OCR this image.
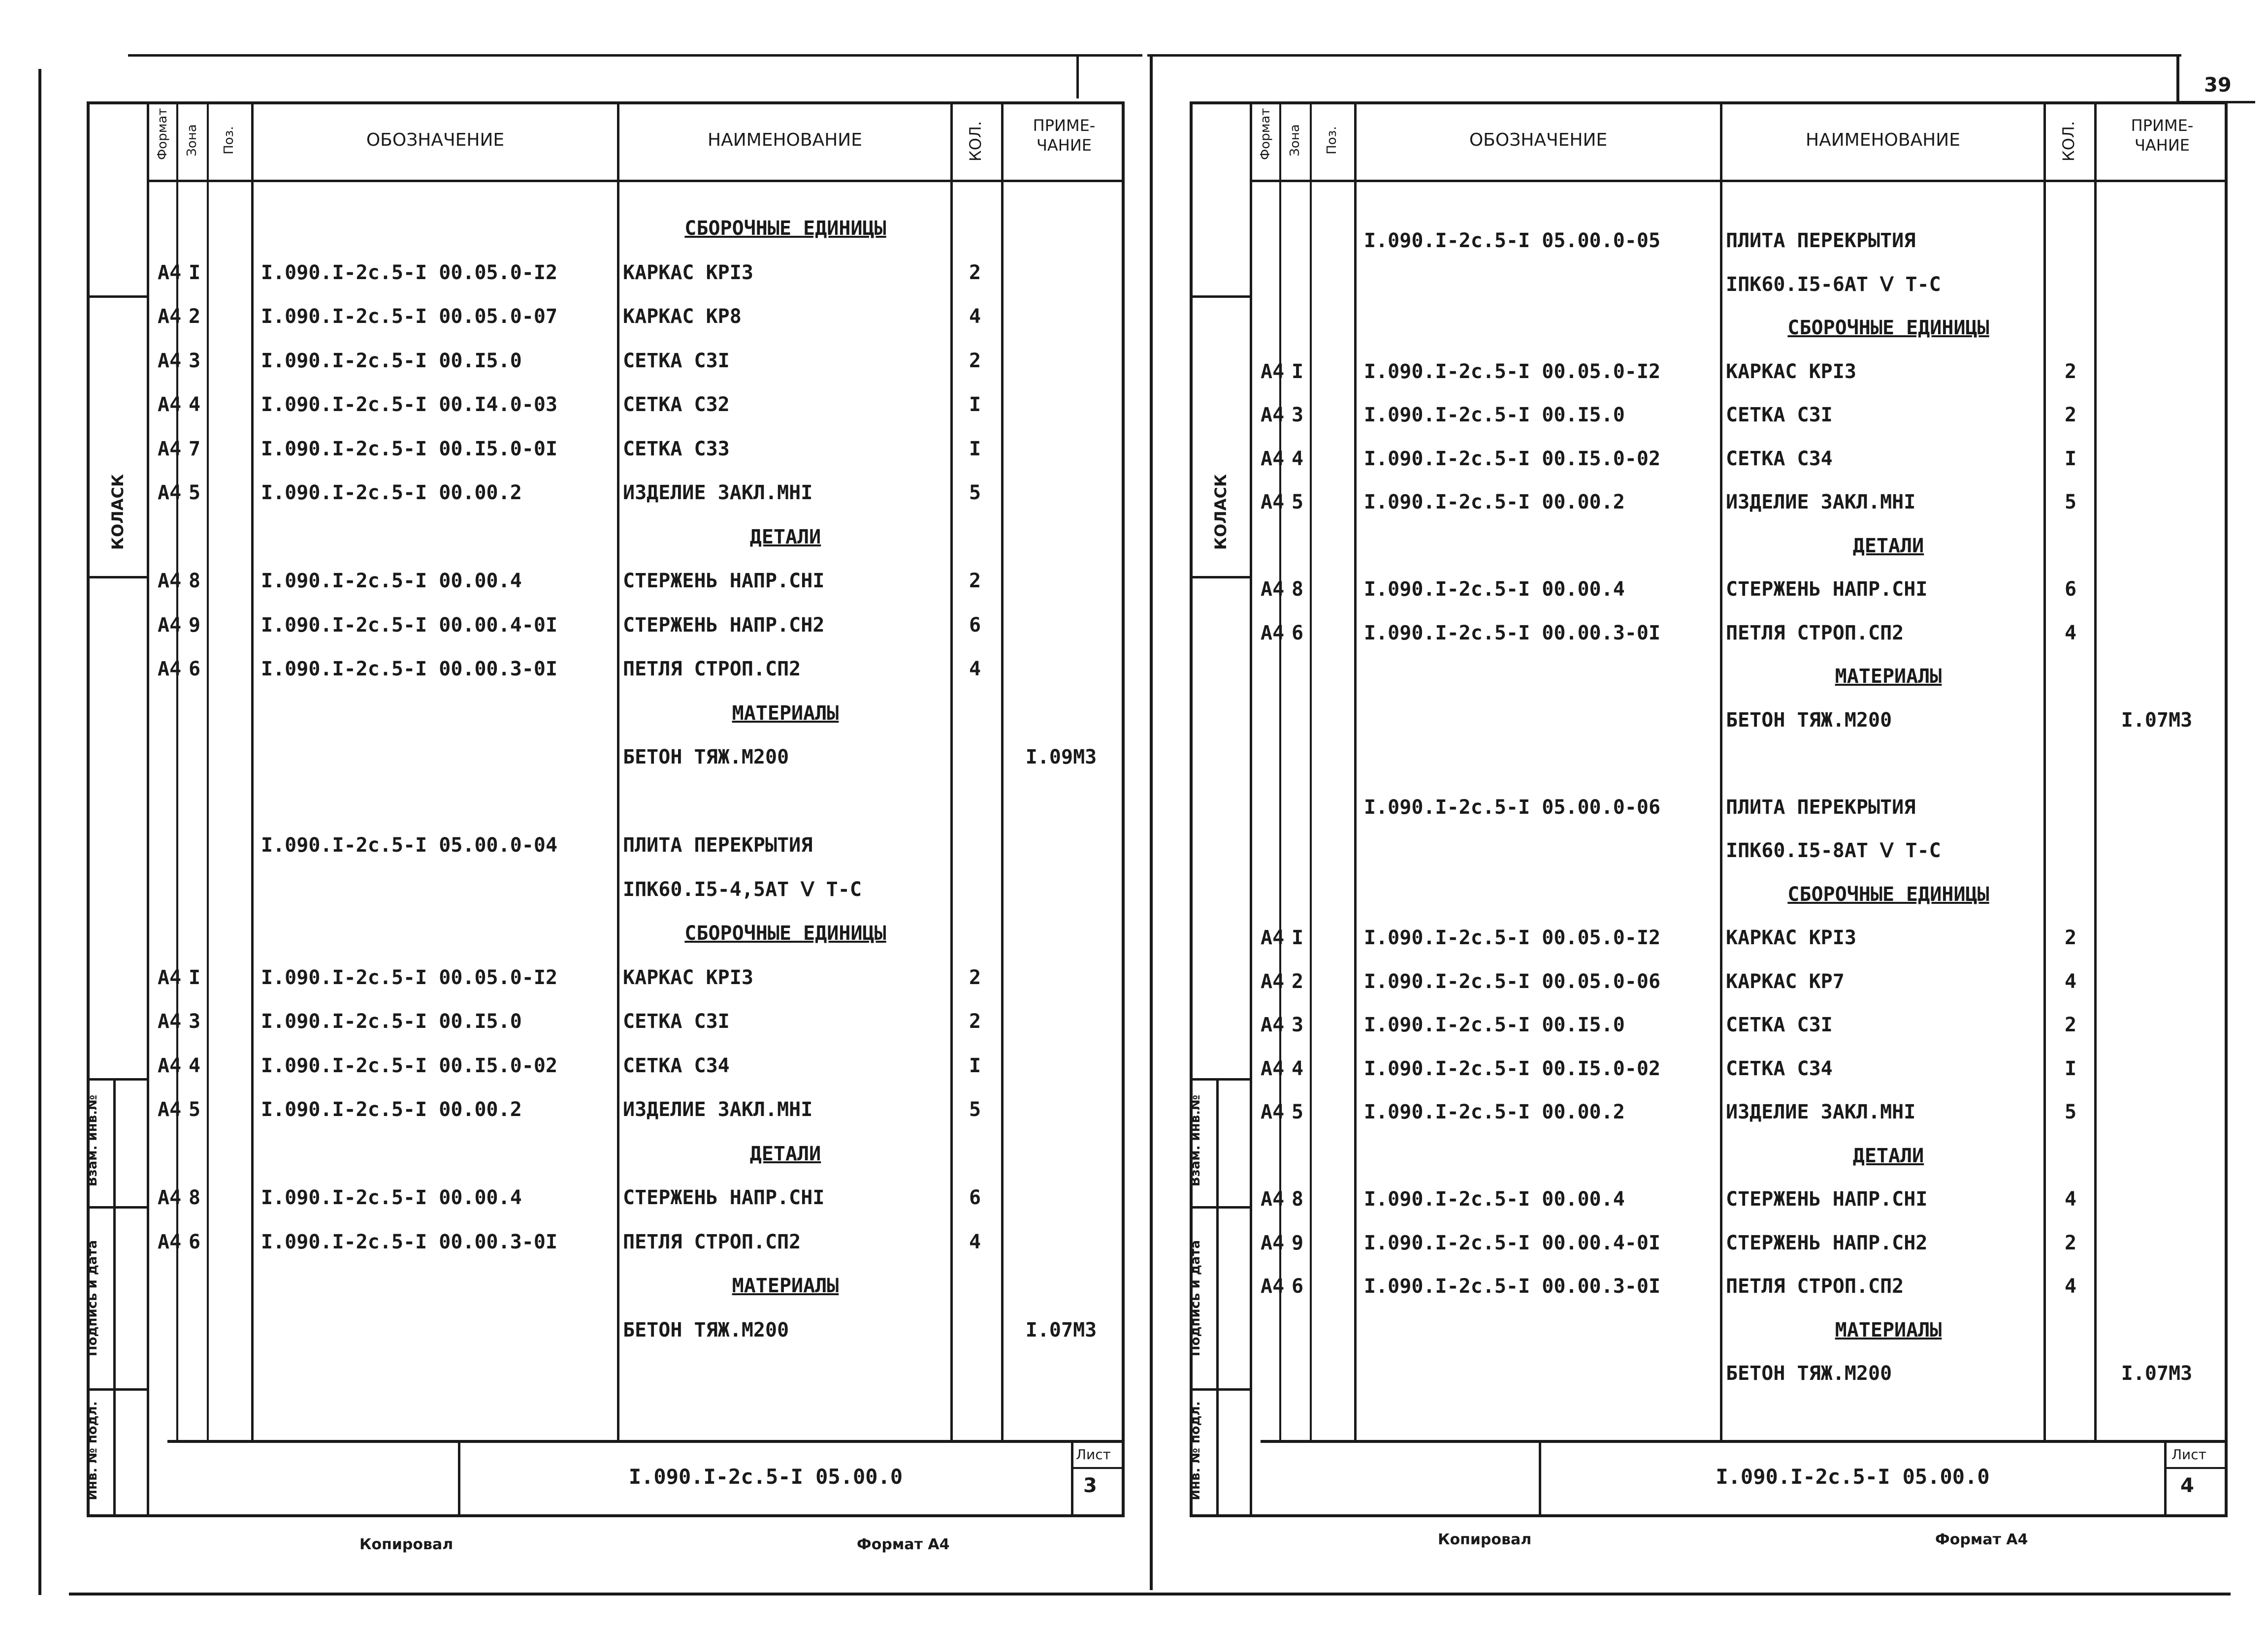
39
КОЛАСК
Взам. инв.№
Подпись и дата
Инв. № подл.
Формат Зона Поз.	ОБОЗНАЧЕНИЕ	НАИМЕНОВАНИЕ	КОЛ.	ПРИМЕ-
ЧАНИЕ
СБОРОЧНЫЕ ЕДИНИЦЫ
А4 I	I.090.I-2c.5-I 00.05.0-I2	КАРКАС КРI3	2
А4 2	I.090.I-2c.5-I 00.05.0-07	КАРКАС КР8	4
А4 3	I.090.I-2c.5-I 00.I5.0	СЕТКА С3I	2
А4 4	I.090.I-2c.5-I 00.I4.0-03	СЕТКА С32	I
А4 7	I.090.I-2c.5-I 00.I5.0-0I	СЕТКА С33	I
А4 5	I.090.I-2c.5-I 00.00.2	ИЗДЕЛИЕ ЗАКЛ.МНI	5
ДЕТАЛИ
А4 8	I.090.I-2c.5-I 00.00.4	СТЕРЖЕНЬ НАПР.СНI	2
А4 9	I.090.I-2c.5-I 00.00.4-0I	СТЕРЖЕНЬ НАПР.СН2	6
А4 6	I.090.I-2c.5-I 00.00.3-0I	ПЕТЛЯ СТРОП.СП2	4
МАТЕРИАЛЫ
БЕТОН ТЯЖ.М200	I.09М3
I.090.I-2c.5-I 05.00.0-04	ПЛИТА ПЕРЕКРЫТИЯ
IПК60.I5-4,5АТ Ⅴ Т-С
СБОРОЧНЫЕ ЕДИНИЦЫ
А4 I	I.090.I-2c.5-I 00.05.0-I2	КАРКАС КРI3	2
А4 3	I.090.I-2c.5-I 00.I5.0	СЕТКА С3I	2
А4 4	I.090.I-2c.5-I 00.I5.0-02	СЕТКА С34	I
А4 5	I.090.I-2c.5-I 00.00.2	ИЗДЕЛИЕ ЗАКЛ.МНI	5
ДЕТАЛИ
А4 8	I.090.I-2c.5-I 00.00.4	СТЕРЖЕНЬ НАПР.СНI	6
А4 6	I.090.I-2c.5-I 00.00.3-0I	ПЕТЛЯ СТРОП.СП2	4
МАТЕРИАЛЫ
БЕТОН ТЯЖ.М200	I.07М3
I.090.I-2c.5-I 05.00.0
Лист
3
Копировал	Формат А4
КОЛАСК
Взам. инв.№
Подпись и дата
Инв. № подл.
Формат Зона Поз.	ОБОЗНАЧЕНИЕ	НАИМЕНОВАНИЕ	КОЛ.	ПРИМЕ-
ЧАНИЕ
I.090.I-2c.5-I 05.00.0-05	ПЛИТА ПЕРЕКРЫТИЯ
IПК60.I5-6АТ Ⅴ Т-С
СБОРОЧНЫЕ ЕДИНИЦЫ
А4 I	I.090.I-2c.5-I 00.05.0-I2	КАРКАС КРI3	2
А4 3	I.090.I-2c.5-I 00.I5.0	СЕТКА С3I	2
А4 4	I.090.I-2c.5-I 00.I5.0-02	СЕТКА С34	I
А4 5	I.090.I-2c.5-I 00.00.2	ИЗДЕЛИЕ ЗАКЛ.МНI	5
ДЕТАЛИ
А4 8	I.090.I-2c.5-I 00.00.4	СТЕРЖЕНЬ НАПР.СНI	6
А4 6	I.090.I-2c.5-I 00.00.3-0I	ПЕТЛЯ СТРОП.СП2	4
МАТЕРИАЛЫ
БЕТОН ТЯЖ.М200	I.07М3
I.090.I-2c.5-I 05.00.0-06	ПЛИТА ПЕРЕКРЫТИЯ
IПК60.I5-8АТ Ⅴ Т-С
СБОРОЧНЫЕ ЕДИНИЦЫ
А4 I	I.090.I-2c.5-I 00.05.0-I2	КАРКАС КРI3	2
А4 2	I.090.I-2c.5-I 00.05.0-06	КАРКАС КР7	4
А4 3	I.090.I-2c.5-I 00.I5.0	СЕТКА С3I	2
А4 4	I.090.I-2c.5-I 00.I5.0-02	СЕТКА С34	I
А4 5	I.090.I-2c.5-I 00.00.2	ИЗДЕЛИЕ ЗАКЛ.МНI	5
ДЕТАЛИ
А4 8	I.090.I-2c.5-I 00.00.4	СТЕРЖЕНЬ НАПР.СНI	4
А4 9	I.090.I-2c.5-I 00.00.4-0I	СТЕРЖЕНЬ НАПР.СН2	2
А4 6	I.090.I-2c.5-I 00.00.3-0I	ПЕТЛЯ СТРОП.СП2	4
МАТЕРИАЛЫ
БЕТОН ТЯЖ.М200	I.07М3
I.090.I-2c.5-I 05.00.0
Лист
4
Копировал	Формат А4
